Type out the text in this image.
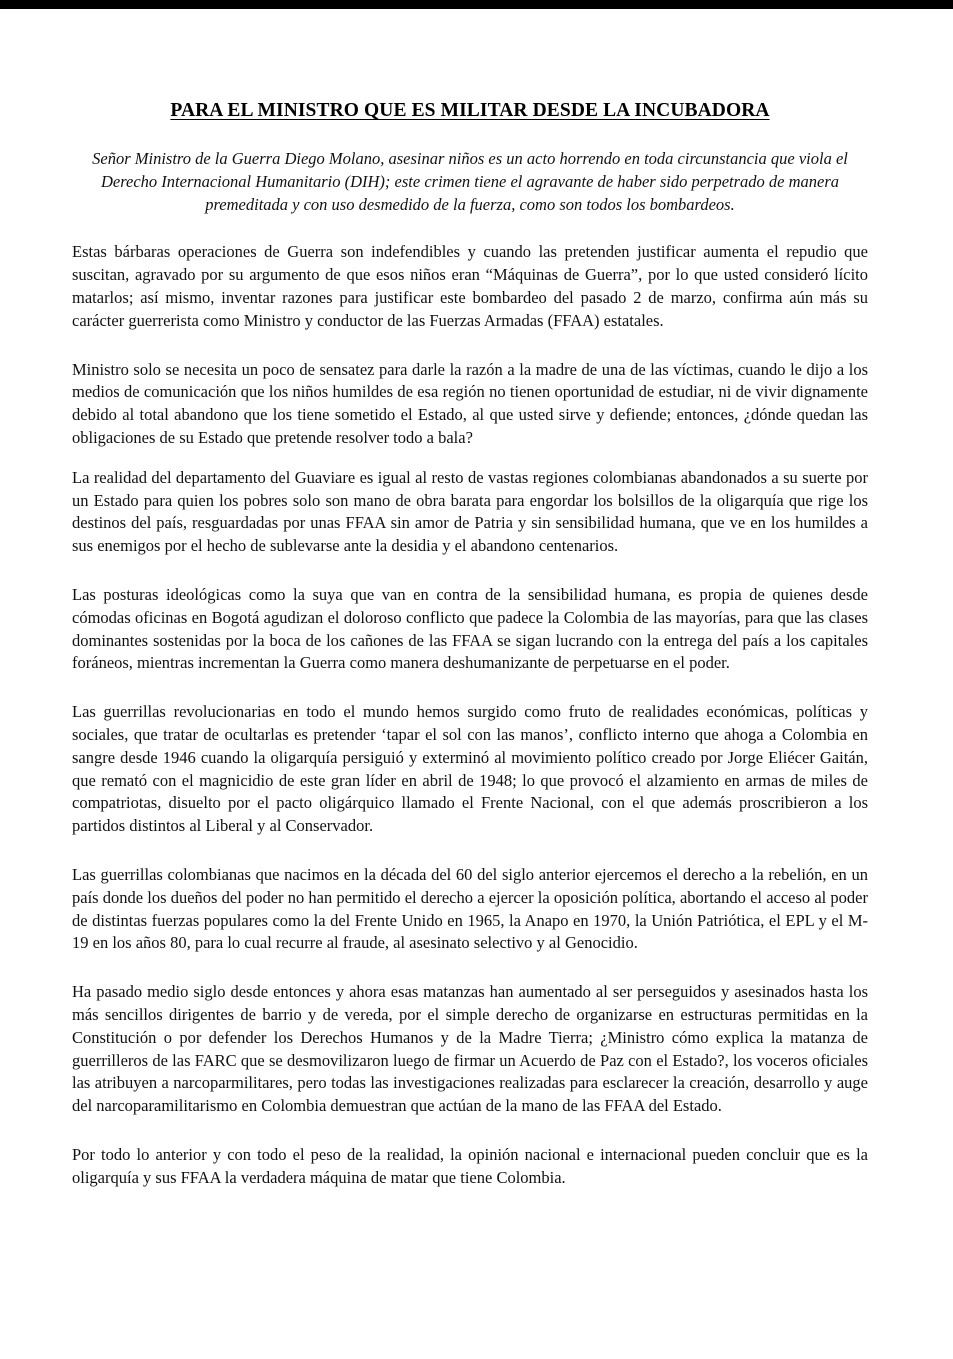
PARA EL MINISTRO QUE ES MILITAR DESDE LA INCUBADORA

Señor Ministro de la Guerra Diego Molano, asesinar niños es un acto horrendo en toda circunstancia que viola el Derecho Internacional Humanitario (DIH); este crimen tiene el agravante de haber sido perpetrado de manera premeditada y con uso desmedido de la fuerza, como son todos los bombardeos.

Estas bárbaras operaciones de Guerra son indefendibles y cuando las pretenden justificar aumenta el repudio que suscitan, agravado por su argumento de que esos niños eran “Máquinas de Guerra”, por lo que usted consideró lícito matarlos; así mismo, inventar razones para justificar este bombardeo del pasado 2 de marzo, confirma aún más su carácter guerrerista como Ministro y conductor de las Fuerzas Armadas (FFAA) estatales.

Ministro solo se necesita un poco de sensatez para darle la razón a la madre de una de las víctimas, cuando le dijo a los medios de comunicación que los niños humildes de esa región no tienen oportunidad de estudiar, ni de vivir dignamente debido al total abandono que los tiene sometido el Estado, al que usted sirve y defiende; entonces, ¿dónde quedan las obligaciones de su Estado que pretende resolver todo a bala?

La realidad del departamento del Guaviare es igual al resto de vastas regiones colombianas abandonados a su suerte por un Estado para quien los pobres solo son mano de obra barata para engordar los bolsillos de la oligarquía que rige los destinos del país, resguardadas por unas FFAA sin amor de Patria y sin sensibilidad humana, que ve en los humildes a sus enemigos por el hecho de sublevarse ante la desidia y el abandono centenarios.

Las posturas ideológicas como la suya que van en contra de la sensibilidad humana, es propia de quienes desde cómodas oficinas en Bogotá agudizan el doloroso conflicto que padece la Colombia de las mayorías, para que las clases dominantes sostenidas por la boca de los cañones de las FFAA se sigan lucrando con la entrega del país a los capitales foráneos, mientras incrementan la Guerra como manera deshumanizante de perpetuarse en el poder.

Las guerrillas revolucionarias en todo el mundo hemos surgido como fruto de realidades económicas, políticas y sociales, que tratar de ocultarlas es pretender ‘tapar el sol con las manos’, conflicto interno que ahoga a Colombia en sangre desde 1946 cuando la oligarquía persiguió y exterminó al movimiento político creado por Jorge Eliécer Gaitán, que remató con el magnicidio de este gran líder en abril de 1948; lo que provocó el alzamiento en armas de miles de compatriotas, disuelto por el pacto oligárquico llamado el Frente Nacional, con el que además proscribieron a los partidos distintos al Liberal y al Conservador.

Las guerrillas colombianas que nacimos en la década del 60 del siglo anterior ejercemos el derecho a la rebelión, en un país donde los dueños del poder no han permitido el derecho a ejercer la oposición política, abortando el acceso al poder de distintas fuerzas populares como la del Frente Unido en 1965, la Anapo en 1970, la Unión Patriótica, el EPL y el M-19 en los años 80, para lo cual recurre al fraude, al asesinato selectivo y al Genocidio.

Ha pasado medio siglo desde entonces y ahora esas matanzas han aumentado al ser perseguidos y asesinados hasta los más sencillos dirigentes de barrio y de vereda, por el simple derecho de organizarse en estructuras permitidas en la Constitución o por defender los Derechos Humanos y de la Madre Tierra; ¿Ministro cómo explica la matanza de guerrilleros de las FARC que se desmovilizaron luego de firmar un Acuerdo de Paz con el Estado?, los voceros oficiales las atribuyen a narcoparmilitares, pero todas las investigaciones realizadas para esclarecer la creación, desarrollo y auge del narcoparamilitarismo en Colombia demuestran que actúan de la mano de las FFAA del Estado.

Por todo lo anterior y con todo el peso de la realidad, la opinión nacional e internacional pueden concluir que es la oligarquía y sus FFAA la verdadera máquina de matar que tiene Colombia.
